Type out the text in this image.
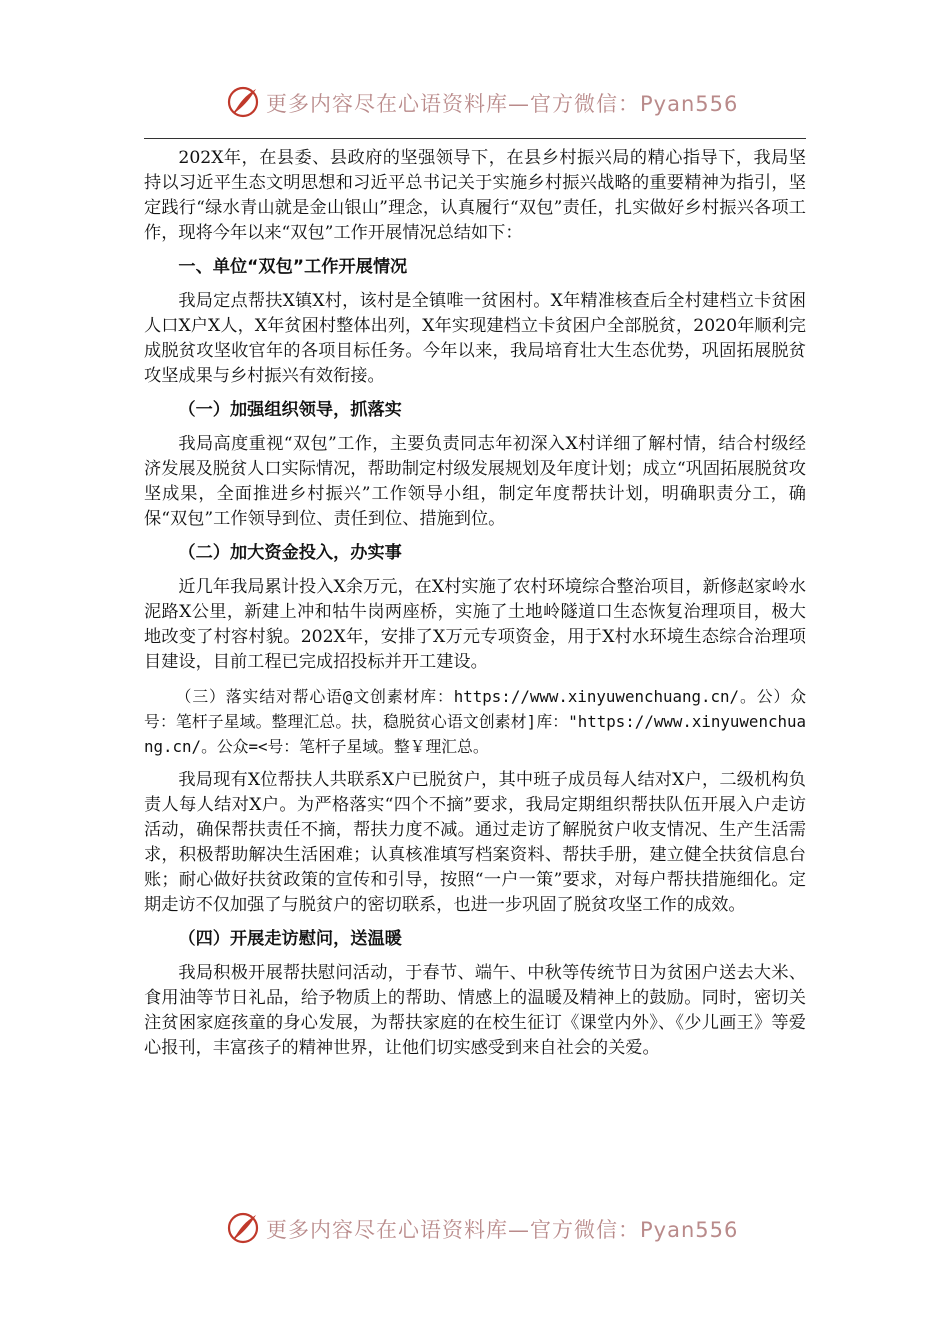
更多内容尽在心语资料库—官方微信：Pyan556

202X年，在县委、县政府的坚强领导下，在县乡村振兴局的精心指导下，我局坚持以习近平生态文明思想和习近平总书记关于实施乡村振兴战略的重要精神为指引，坚定践行“绿水青山就是金山银山”理念，认真履行“双包”责任，扎实做好乡村振兴各项工作，现将今年以来“双包”工作开展情况总结如下：

一、单位“双包”工作开展情况

我局定点帮扶X镇X村，该村是全镇唯一贫困村。X年精准核查后全村建档立卡贫困人口X户X人，X年贫困村整体出列，X年实现建档立卡贫困户全部脱贫，2020年顺利完成脱贫攻坚收官年的各项目标任务。今年以来，我局培育壮大生态优势，巩固拓展脱贫攻坚成果与乡村振兴有效衔接。

（一）加强组织领导，抓落实

我局高度重视“双包”工作，主要负责同志年初深入X村详细了解村情，结合村级经济发展及脱贫人口实际情况，帮助制定村级发展规划及年度计划；成立“巩固拓展脱贫攻坚成果，全面推进乡村振兴”工作领导小组，制定年度帮扶计划，明确职责分工，确保“双包”工作领导到位、责任到位、措施到位。

（二）加大资金投入，办实事

近几年我局累计投入X余万元，在X村实施了农村环境综合整治项目，新修赵家岭水泥路X公里，新建上冲和牯牛岗两座桥，实施了土地岭隧道口生态恢复治理项目，极大地改变了村容村貌。202X年，安排了X万元专项资金，用于X村水环境生态综合治理项目建设，目前工程已完成招投标并开工建设。

（三）落实结对帮心语@文创素材库：https://www.xinyuwenchuang.cn/。公）众号：笔杆子星域。整理汇总。扶，稳脱贫心语文创素材]库："https://www.xinyuwenchuang.cn/。公众=<号：笔杆子星域。整￥理汇总。

我局现有X位帮扶人共联系X户已脱贫户，其中班子成员每人结对X户，二级机构负责人每人结对X户。为严格落实“四个不摘”要求，我局定期组织帮扶队伍开展入户走访活动，确保帮扶责任不摘，帮扶力度不减。通过走访了解脱贫户收支情况、生产生活需求，积极帮助解决生活困难；认真核准填写档案资料、帮扶手册，建立健全扶贫信息台账；耐心做好扶贫政策的宣传和引导，按照“一户一策”要求，对每户帮扶措施细化。定期走访不仅加强了与脱贫户的密切联系，也进一步巩固了脱贫攻坚工作的成效。

（四）开展走访慰问，送温暖

我局积极开展帮扶慰问活动，于春节、端午、中秋等传统节日为贫困户送去大米、食用油等节日礼品，给予物质上的帮助、情感上的温暖及精神上的鼓励。同时，密切关注贫困家庭孩童的身心发展，为帮扶家庭的在校生征订《课堂内外》、《少儿画王》等爱心报刊，丰富孩子的精神世界，让他们切实感受到来自社会的关爱。

更多内容尽在心语资料库—官方微信：Pyan556
